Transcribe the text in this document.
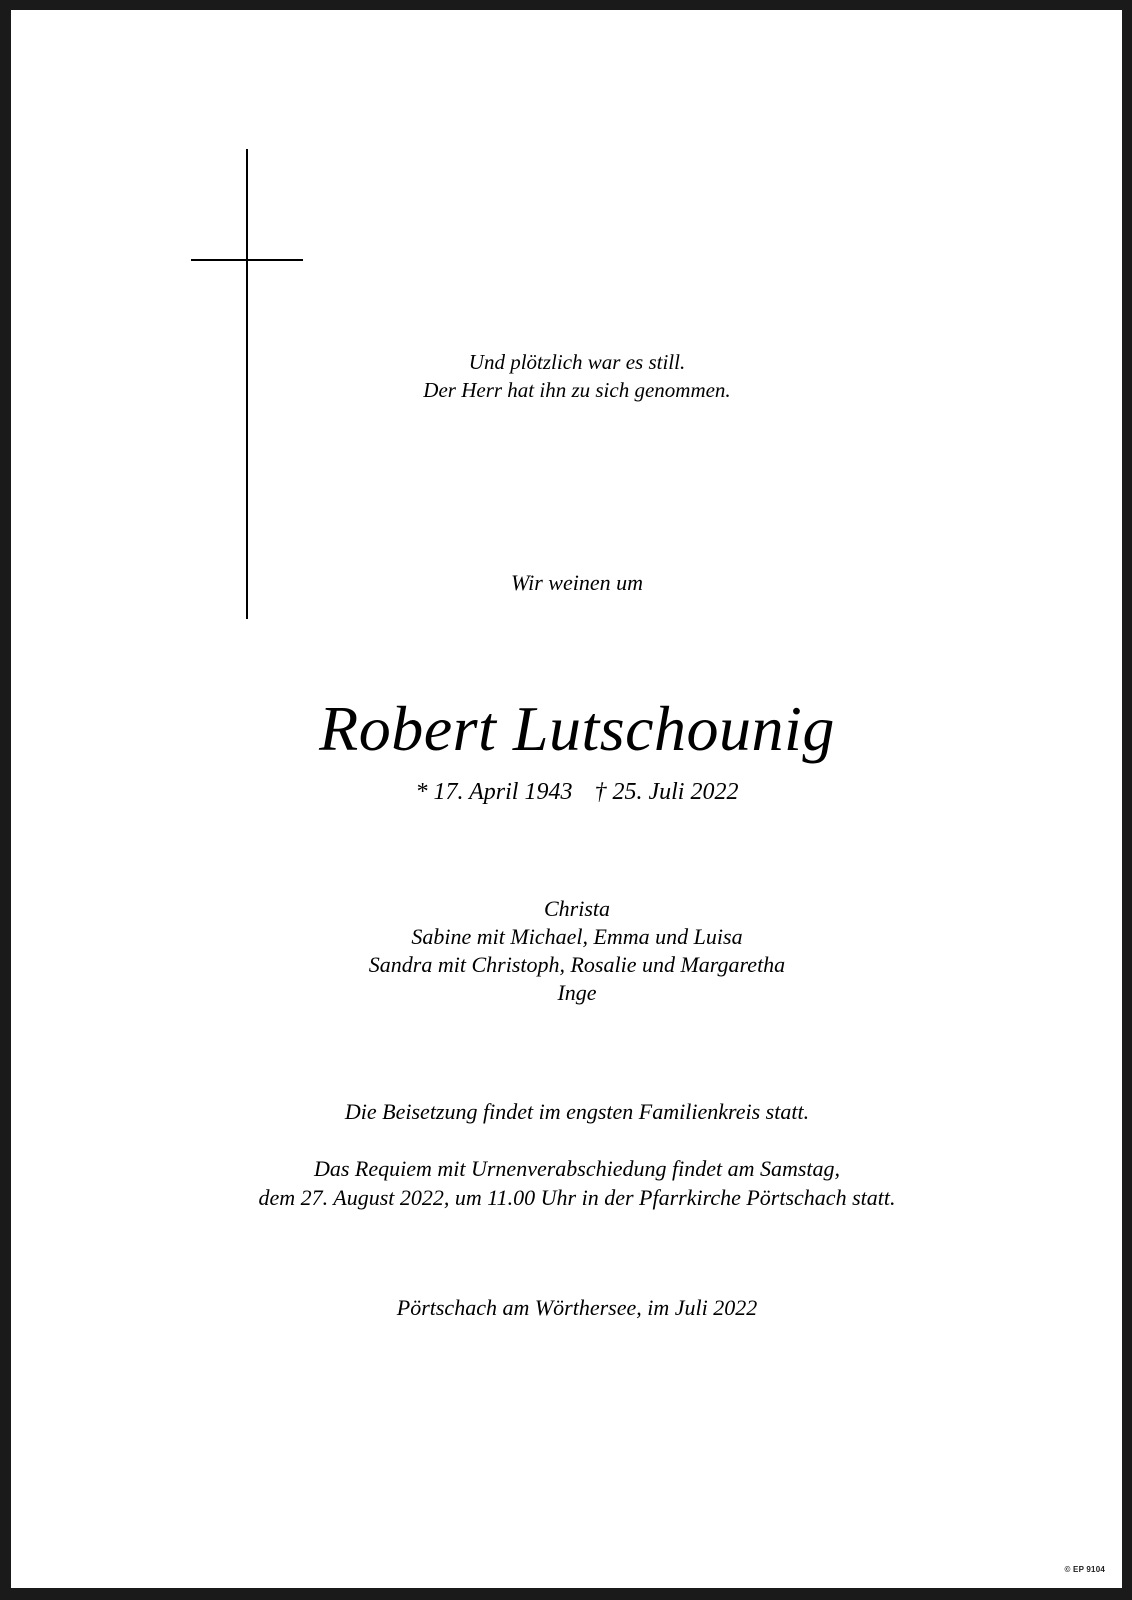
Und plötzlich war es still.
Der Herr hat ihn zu sich genommen.
Wir weinen um
Robert Lutschounig
* 17. April 1943 † 25. Juli 2022
Christa
Sabine mit Michael, Emma und Luisa
Sandra mit Christoph, Rosalie und Margaretha
Inge
Die Beisetzung findet im engsten Familienkreis statt.
Das Requiem mit Urnenverabschiedung findet am Samstag,
dem 27. August 2022, um 11.00 Uhr in der Pfarrkirche Pörtschach statt.
Pörtschach am Wörthersee, im Juli 2022
© EP 9104
